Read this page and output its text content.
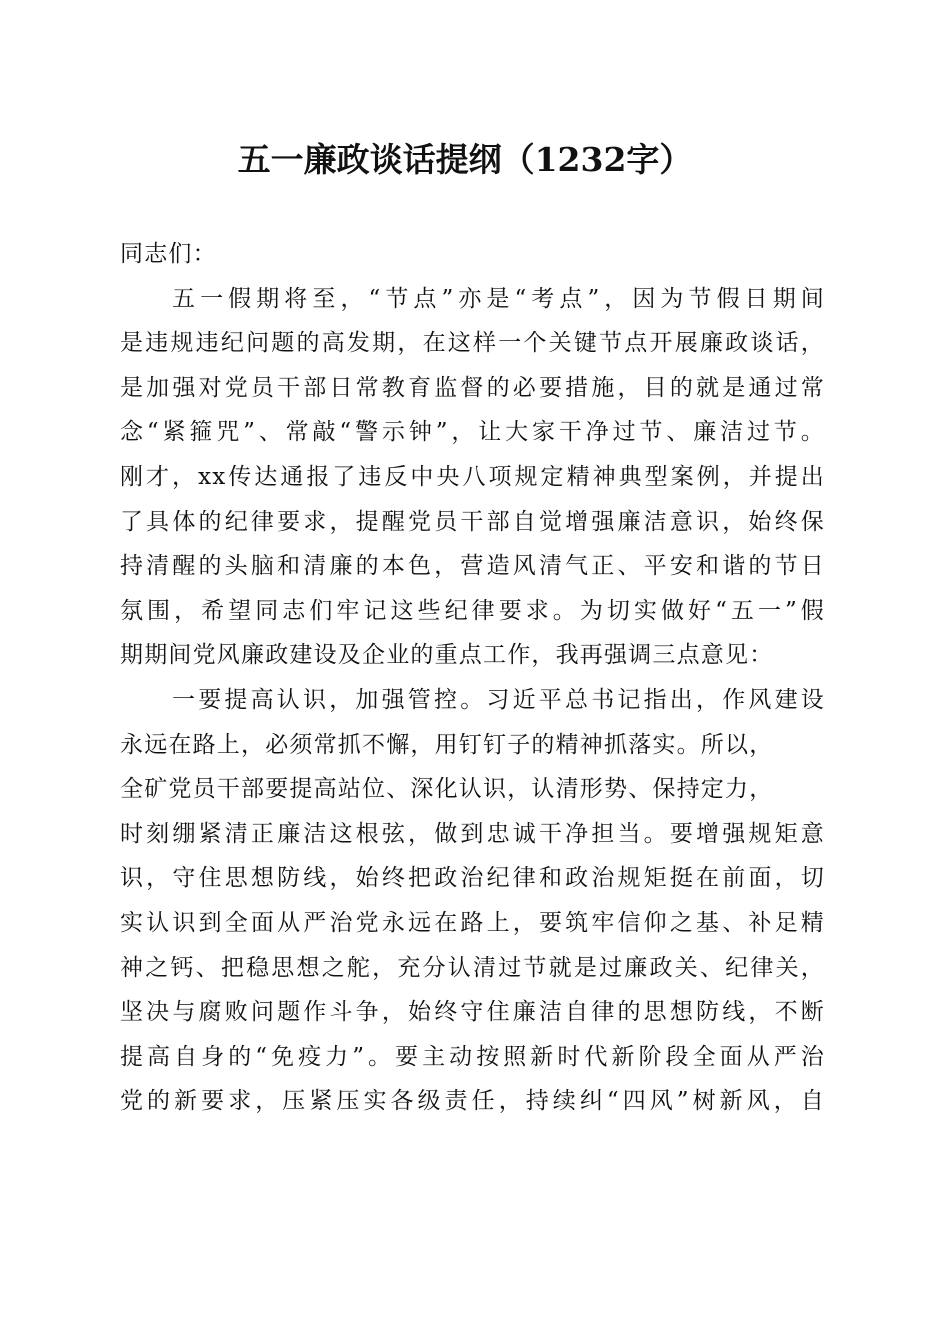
五一廉政谈话提纲（1232字）
同志们：
五一假期将至，“节点”亦是“考点”，因为节假日期间
是违规违纪问题的高发期，在这样一个关键节点开展廉政谈话，
是加强对党员干部日常教育监督的必要措施，目的就是通过常
念“紧箍咒”、常敲“警示钟”，让大家干净过节、廉洁过节。
刚才，xx传达通报了违反中央八项规定精神典型案例，并提出
了具体的纪律要求，提醒党员干部自觉增强廉洁意识，始终保
持清醒的头脑和清廉的本色，营造风清气正、平安和谐的节日
氛围，希望同志们牢记这些纪律要求。为切实做好“五一”假
期期间党风廉政建设及企业的重点工作，我再强调三点意见：
一要提高认识，加强管控。习近平总书记指出，作风建设
永远在路上，必须常抓不懈，用钉钉子的精神抓落实。所以，
全矿党员干部要提高站位、深化认识，认清形势、保持定力，
时刻绷紧清正廉洁这根弦，做到忠诚干净担当。要增强规矩意
识，守住思想防线，始终把政治纪律和政治规矩挺在前面，切
实认识到全面从严治党永远在路上，要筑牢信仰之基、补足精
神之钙、把稳思想之舵，充分认清过节就是过廉政关、纪律关，
坚决与腐败问题作斗争，始终守住廉洁自律的思想防线，不断
提高自身的“免疫力”。要主动按照新时代新阶段全面从严治
党的新要求，压紧压实各级责任，持续纠“四风”树新风，自
